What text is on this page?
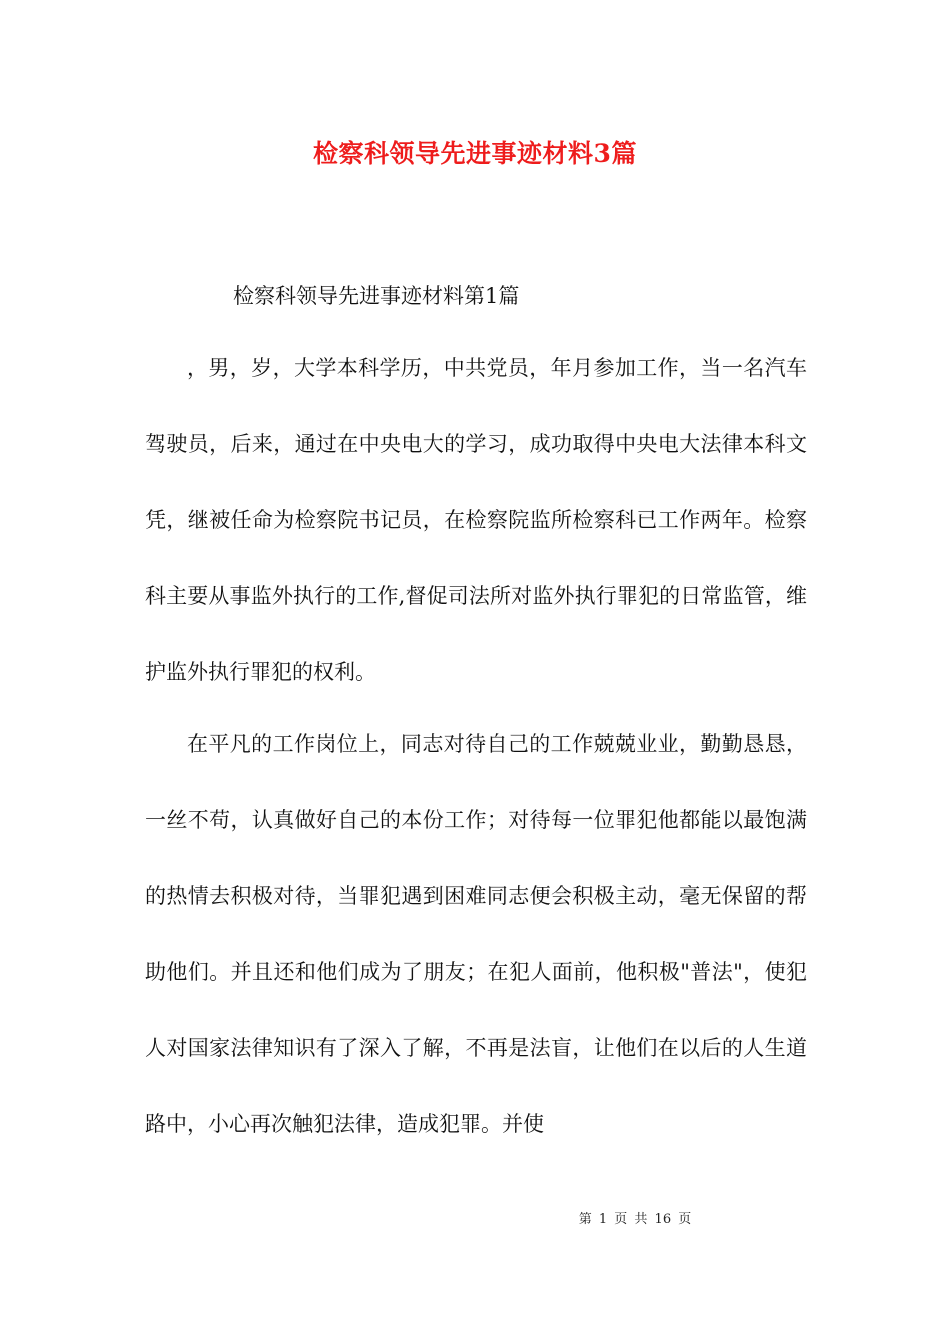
检察科领导先进事迹材料3篇

检察科领导先进事迹材料第1篇

，男，岁，大学本科学历，中共党员，年月参加工作，当一名汽车驾驶员，后来，通过在中央电大的学习，成功取得中央电大法律本科文凭，继被任命为检察院书记员，在检察院监所检察科已工作两年。检察科主要从事监外执行的工作,督促司法所对监外执行罪犯的日常监管，维护监外执行罪犯的权利。

在平凡的工作岗位上，同志对待自己的工作兢兢业业，勤勤恳恳，一丝不苟，认真做好自己的本份工作；对待每一位罪犯他都能以最饱满的热情去积极对待，当罪犯遇到困难同志便会积极主动，毫无保留的帮助他们。并且还和他们成为了朋友；在犯人面前，他积极"普法"，使犯人对国家法律知识有了深入了解，不再是法盲，让他们在以后的人生道路中，小心再次触犯法律，造成犯罪。并使

第 1 页 共 16 页
